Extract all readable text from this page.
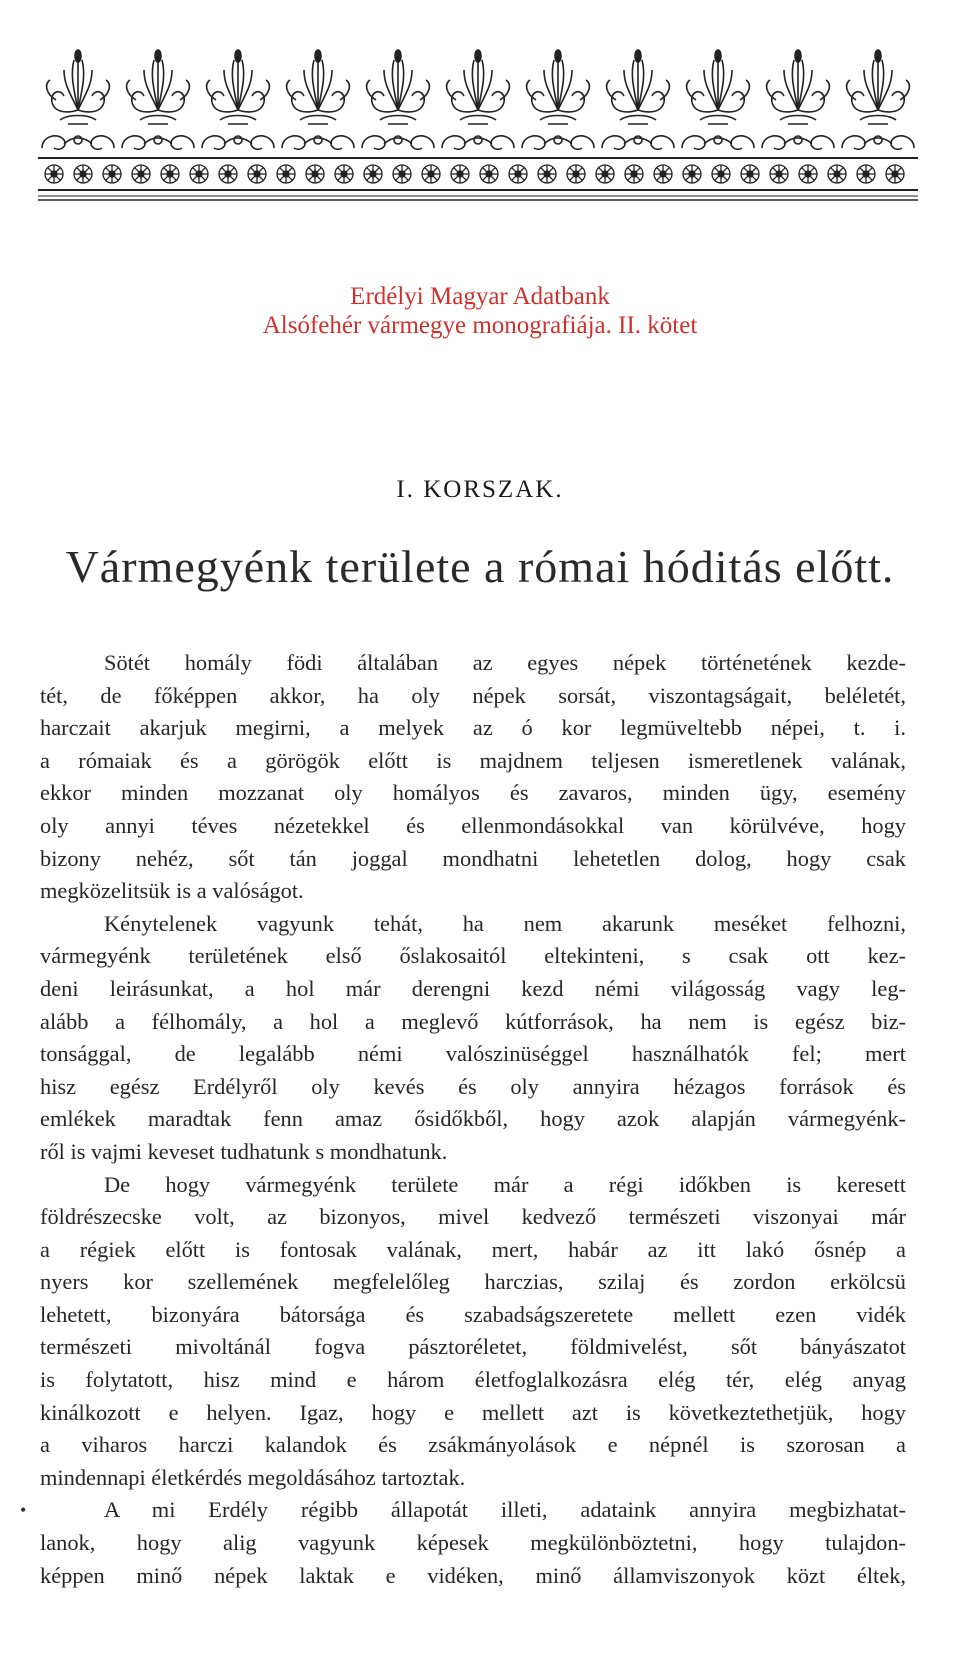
Erdélyi Magyar Adatbank
Alsófehér vármegye monografiája. II. kötet
I. KORSZAK.
Vármegyénk területe a római hóditás előtt.

Sötét homály födi általában az egyes népek történetének kezde-
tét, de főképpen akkor, ha oly népek sorsát, viszontagságait, beléletét,
harczait akarjuk megirni, a melyek az ó kor legmüveltebb népei, t. i.
a rómaiak és a görögök előtt is majdnem teljesen ismeretlenek valának,
ekkor minden mozzanat oly homályos és zavaros, minden ügy, esemény
oly annyi téves nézetekkel és ellenmondásokkal van körülvéve, hogy
bizony nehéz, sőt tán joggal mondhatni lehetetlen dolog, hogy csak
megközelitsük is a valóságot.

Kénytelenek vagyunk tehát, ha nem akarunk meséket felhozni,
vármegyénk területének első őslakosaitól eltekinteni, s csak ott kez-
deni leirásunkat, a hol már derengni kezd némi világosság vagy leg-
alább a félhomály, a hol a meglevő kútforrások, ha nem is egész biz-
tonsággal, de legalább némi valószinüséggel használhatók fel; mert
hisz egész Erdélyről oly kevés és oly annyira hézagos források és
emlékek maradtak fenn amaz ősidőkből, hogy azok alapján vármegyénk-
ről is vajmi keveset tudhatunk s mondhatunk.

De hogy vármegyénk területe már a régi időkben is keresett
földrészecske volt, az bizonyos, mivel kedvező természeti viszonyai már
a régiek előtt is fontosak valának, mert, habár az itt lakó ősnép a
nyers kor szellemének megfelelőleg harczias, szilaj és zordon erkölcsü
lehetett, bizonyára bátorsága és szabadságszeretete mellett ezen vidék
természeti mivoltánál fogva pásztoréletet, földmivelést, sőt bányászatot
is folytatott, hisz mind e három életfoglalkozásra elég tér, elég anyag
kinálkozott e helyen. Igaz, hogy e mellett azt is következtethetjük, hogy
a viharos harczi kalandok és zsákmányolások e népnél is szorosan a
mindennapi életkérdés megoldásához tartoztak.

A mi Erdély régibb állapotát illeti, adataink annyira megbizhatat-
lanok, hogy alig vagyunk képesek megkülönböztetni, hogy tulajdon-
képpen minő népek laktak e vidéken, minő államviszonyok közt éltek,

•
